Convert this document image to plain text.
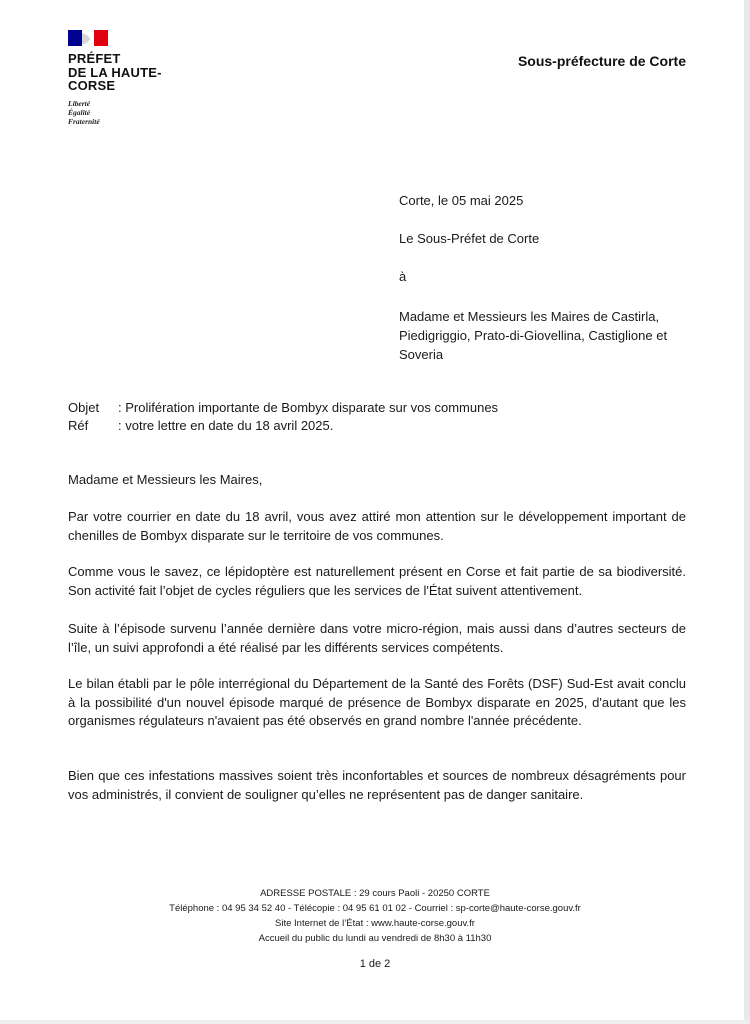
PRÉFET
DE LA HAUTE-
CORSE
Liberté
Égalité
Fraternité
Sous-préfecture de Corte
Corte, le 05 mai 2025
Le Sous-Préfet de Corte
à
Madame et Messieurs les Maires de Castirla, Piedigriggio, Prato-di-Giovellina, Castiglione et Soveria
Objet : Prolifération importante de Bombyx disparate sur vos communes
Réf : votre lettre en date du 18 avril 2025.
Madame et Messieurs les Maires,
Par votre courrier en date du 18 avril, vous avez attiré mon attention sur le développement important de chenilles de Bombyx disparate sur le territoire de vos communes.
Comme vous le savez, ce lépidoptère est naturellement présent en Corse et fait partie de sa biodiversité. Son activité fait l’objet de cycles réguliers que les services de l'État suivent attentivement.
Suite à l’épisode survenu l’année dernière dans votre micro-région, mais aussi dans d’autres secteurs de l’île, un suivi approfondi a été réalisé par les différents services compétents.
Le bilan établi par le pôle interrégional du Département de la Santé des Forêts (DSF) Sud-Est avait conclu à la possibilité d'un nouvel épisode marqué de présence de Bombyx disparate en 2025, d'autant que les organismes régulateurs n'avaient pas été observés en grand nombre l'année précédente.
Bien que ces infestations massives soient très inconfortables et sources de nombreux désagréments pour vos administrés, il convient de souligner qu’elles ne représentent pas de danger sanitaire.
ADRESSE POSTALE : 29 cours Paoli - 20250 CORTE
Téléphone : 04 95 34 52 40 - Télécopie : 04 95 61 01 02 - Courriel : sp-corte@haute-corse.gouv.fr
Site Internet de l’État : www.haute-corse.gouv.fr
Accueil du public du lundi au vendredi de 8h30 à 11h30
1 de 2
